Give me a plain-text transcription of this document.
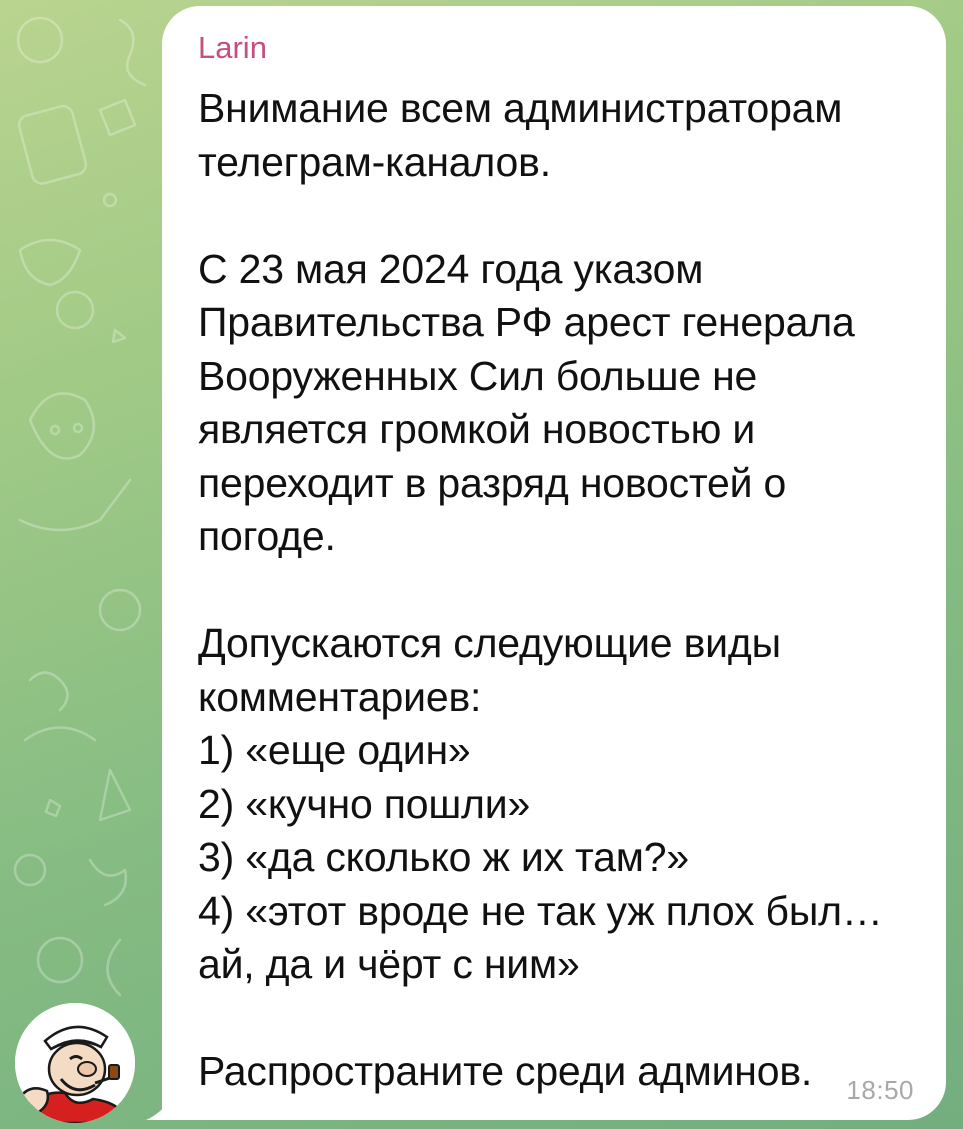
Larin

Внимание всем администраторам телеграм-каналов.

С 23 мая 2024 года указом Правительства РФ арест генерала Вооруженных Сил больше не является громкой новостью и переходит в разряд новостей о погоде.

Допускаются следующие виды комментариев:
1) «еще один»
2) «кучно пошли»
3) «да сколько ж их там?»
4) «этот вроде не так уж плох был… ай, да и чёрт с ним»

Распространите среди админов.	18:50
